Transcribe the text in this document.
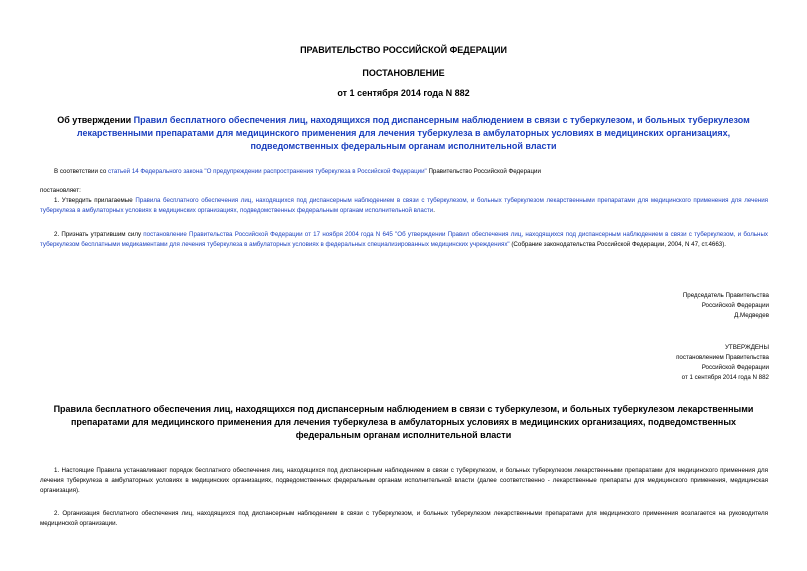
ПРАВИТЕЛЬСТВО РОССИЙСКОЙ ФЕДЕРАЦИИ
ПОСТАНОВЛЕНИЕ
от 1 сентября 2014 года N 882
Об утверждении Правил бесплатного обеспечения лиц, находящихся под диспансерным наблюдением в связи с туберкулезом, и больных туберкулезом лекарственными препаратами для медицинского применения для лечения туберкулеза в амбулаторных условиях в медицинских организациях, подведомственных федеральным органам исполнительной власти
В соответствии со статьей 14 Федерального закона "О предупреждении распространения туберкулеза в Российской Федерации" Правительство Российской Федерации
постановляет:
1. Утвердить прилагаемые Правила бесплатного обеспечения лиц, находящихся под диспансерным наблюдением в связи с туберкулезом, и больных туберкулезом лекарственными препаратами для медицинского применения для лечения туберкулеза в амбулаторных условиях в медицинских организациях, подведомственных федеральным органам исполнительной власти.
2. Признать утратившим силу постановление Правительства Российской Федерации от 17 ноября 2004 года N 645 "Об утверждении Правил обеспечения лиц, находящихся под диспансерным наблюдением в связи с туберкулезом, и больных туберкулезом бесплатными медикаментами для лечения туберкулеза в амбулаторных условиях в федеральных специализированных медицинских учреждениях" (Собрание законодательства Российской Федерации, 2004, N 47, ст.4663).
Председатель Правительства
Российской Федерации
Д.Медведев
УТВЕРЖДЕНЫ
постановлением Правительства
Российской Федерации
от 1 сентября 2014 года N 882
Правила бесплатного обеспечения лиц, находящихся под диспансерным наблюдением в связи с туберкулезом, и больных туберкулезом лекарственными препаратами для медицинского применения для лечения туберкулеза в амбулаторных условиях в медицинских организациях, подведомственных федеральным органам исполнительной власти
1. Настоящие Правила устанавливают порядок бесплатного обеспечения лиц, находящихся под диспансерным наблюдением в связи с туберкулезом, и больных туберкулезом лекарственными препаратами для медицинского применения для лечения туберкулеза в амбулаторных условиях в медицинских организациях, подведомственных федеральным органам исполнительной власти (далее соответственно - лекарственные препараты для медицинского применения, медицинская организация).
2. Организация бесплатного обеспечения лиц, находящихся под диспансерным наблюдением в связи с туберкулезом, и больных туберкулезом лекарственными препаратами для медицинского применения возлагается на руководителя медицинской организации.
